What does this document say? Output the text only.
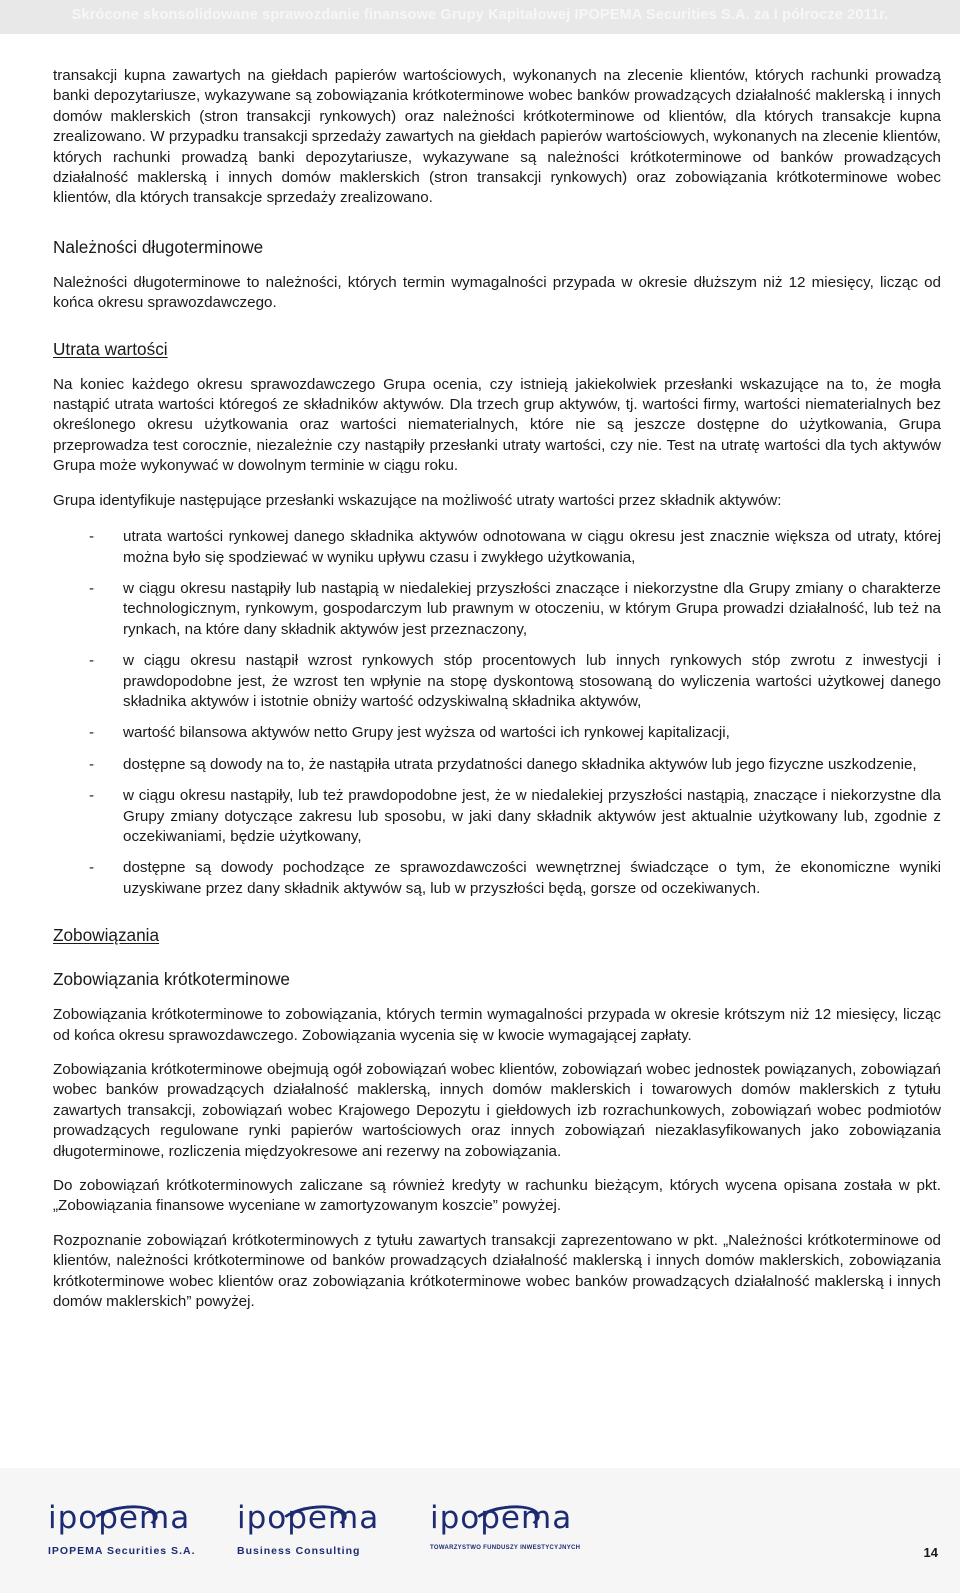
Skrócone skonsolidowane sprawozdanie finansowe Grupy Kapitałowej IPOPEMA Securities S.A. za I półrocze 2011r.

transakcji kupna zawartych na giełdach papierów wartościowych, wykonanych na zlecenie klientów, których rachunki prowadzą banki depozytariusze, wykazywane są zobowiązania krótkoterminowe wobec banków prowadzących działalność maklerską i innych domów maklerskich (stron transakcji rynkowych) oraz należności krótkoterminowe od klientów, dla których transakcje kupna zrealizowano. W przypadku transakcji sprzedaży zawartych na giełdach papierów wartościowych, wykonanych na zlecenie klientów, których rachunki prowadzą banki depozytariusze, wykazywane są należności krótkoterminowe od banków prowadzących działalność maklerską i innych domów maklerskich (stron transakcji rynkowych) oraz zobowiązania krótkoterminowe wobec klientów, dla których transakcje sprzedaży zrealizowano.

Należności długoterminowe

Należności długoterminowe to należności, których termin wymagalności przypada w okresie dłuższym niż 12 miesięcy, licząc od końca okresu sprawozdawczego.

Utrata wartości

Na koniec każdego okresu sprawozdawczego Grupa ocenia, czy istnieją jakiekolwiek przesłanki wskazujące na to, że mogła nastąpić utrata wartości któregoś ze składników aktywów. Dla trzech grup aktywów, tj. wartości firmy, wartości niematerialnych bez określonego okresu użytkowania oraz wartości niematerialnych, które nie są jeszcze dostępne do użytkowania, Grupa przeprowadza test corocznie, niezależnie czy nastąpiły przesłanki utraty wartości, czy nie. Test na utratę wartości dla tych aktywów Grupa może wykonywać w dowolnym terminie w ciągu roku.

Grupa identyfikuje następujące przesłanki wskazujące na możliwość utraty wartości przez składnik aktywów:

- utrata wartości rynkowej danego składnika aktywów odnotowana w ciągu okresu jest znacznie większa od utraty, której można było się spodziewać w wyniku upływu czasu i zwykłego użytkowania,
- w ciągu okresu nastąpiły lub nastąpią w niedalekiej przyszłości znaczące i niekorzystne dla Grupy zmiany o charakterze technologicznym, rynkowym, gospodarczym lub prawnym w otoczeniu, w którym Grupa prowadzi działalność, lub też na rynkach, na które dany składnik aktywów jest przeznaczony,
- w ciągu okresu nastąpił wzrost rynkowych stóp procentowych lub innych rynkowych stóp zwrotu z inwestycji i prawdopodobne jest, że wzrost ten wpłynie na stopę dyskontową stosowaną do wyliczenia wartości użytkowej danego składnika aktywów i istotnie obniży wartość odzyskiwalną składnika aktywów,
- wartość bilansowa aktywów netto Grupy jest wyższa od wartości ich rynkowej kapitalizacji,
- dostępne są dowody na to, że nastąpiła utrata przydatności danego składnika aktywów lub jego fizyczne uszkodzenie,
- w ciągu okresu nastąpiły, lub też prawdopodobne jest, że w niedalekiej przyszłości nastąpią, znaczące i niekorzystne dla Grupy zmiany dotyczące zakresu lub sposobu, w jaki dany składnik aktywów jest aktualnie użytkowany lub, zgodnie z oczekiwaniami, będzie użytkowany,
- dostępne są dowody pochodzące ze sprawozdawczości wewnętrznej świadczące o tym, że ekonomiczne wyniki uzyskiwane przez dany składnik aktywów są, lub w przyszłości będą, gorsze od oczekiwanych.
Zobowiązania
Zobowiązania krótkoterminowe

Zobowiązania krótkoterminowe to zobowiązania, których termin wymagalności przypada w okresie krótszym niż 12 miesięcy, licząc od końca okresu sprawozdawczego. Zobowiązania wycenia się w kwocie wymagającej zapłaty.

Zobowiązania krótkoterminowe obejmują ogół zobowiązań wobec klientów, zobowiązań wobec jednostek powiązanych, zobowiązań wobec banków prowadzących działalność maklerską, innych domów maklerskich i towarowych domów maklerskich z tytułu zawartych transakcji, zobowiązań wobec Krajowego Depozytu i giełdowych izb rozrachunkowych, zobowiązań wobec podmiotów prowadzących regulowane rynki papierów wartościowych oraz innych zobowiązań niezaklasyfikowanych jako zobowiązania długoterminowe, rozliczenia międzyokresowe ani rezerwy na zobowiązania.

Do zobowiązań krótkoterminowych zaliczane są również kredyty w rachunku bieżącym, których wycena opisana została w pkt. „Zobowiązania finansowe wyceniane w zamortyzowanym koszcie” powyżej.

Rozpoznanie zobowiązań krótkoterminowych z tytułu zawartych transakcji zaprezentowano w pkt. „Należności krótkoterminowe od klientów, należności krótkoterminowe od banków prowadzących działalność maklerską i innych domów maklerskich, zobowiązania krótkoterminowe wobec klientów oraz zobowiązania krótkoterminowe wobec banków prowadzących działalność maklerską i innych domów maklerskich” powyżej.

ipopema
IPOPEMA Securities S.A.
ipopema
Business Consulting
ipopema
TOWARZYSTWO FUNDUSZY INWESTYCYJNYCH	14
